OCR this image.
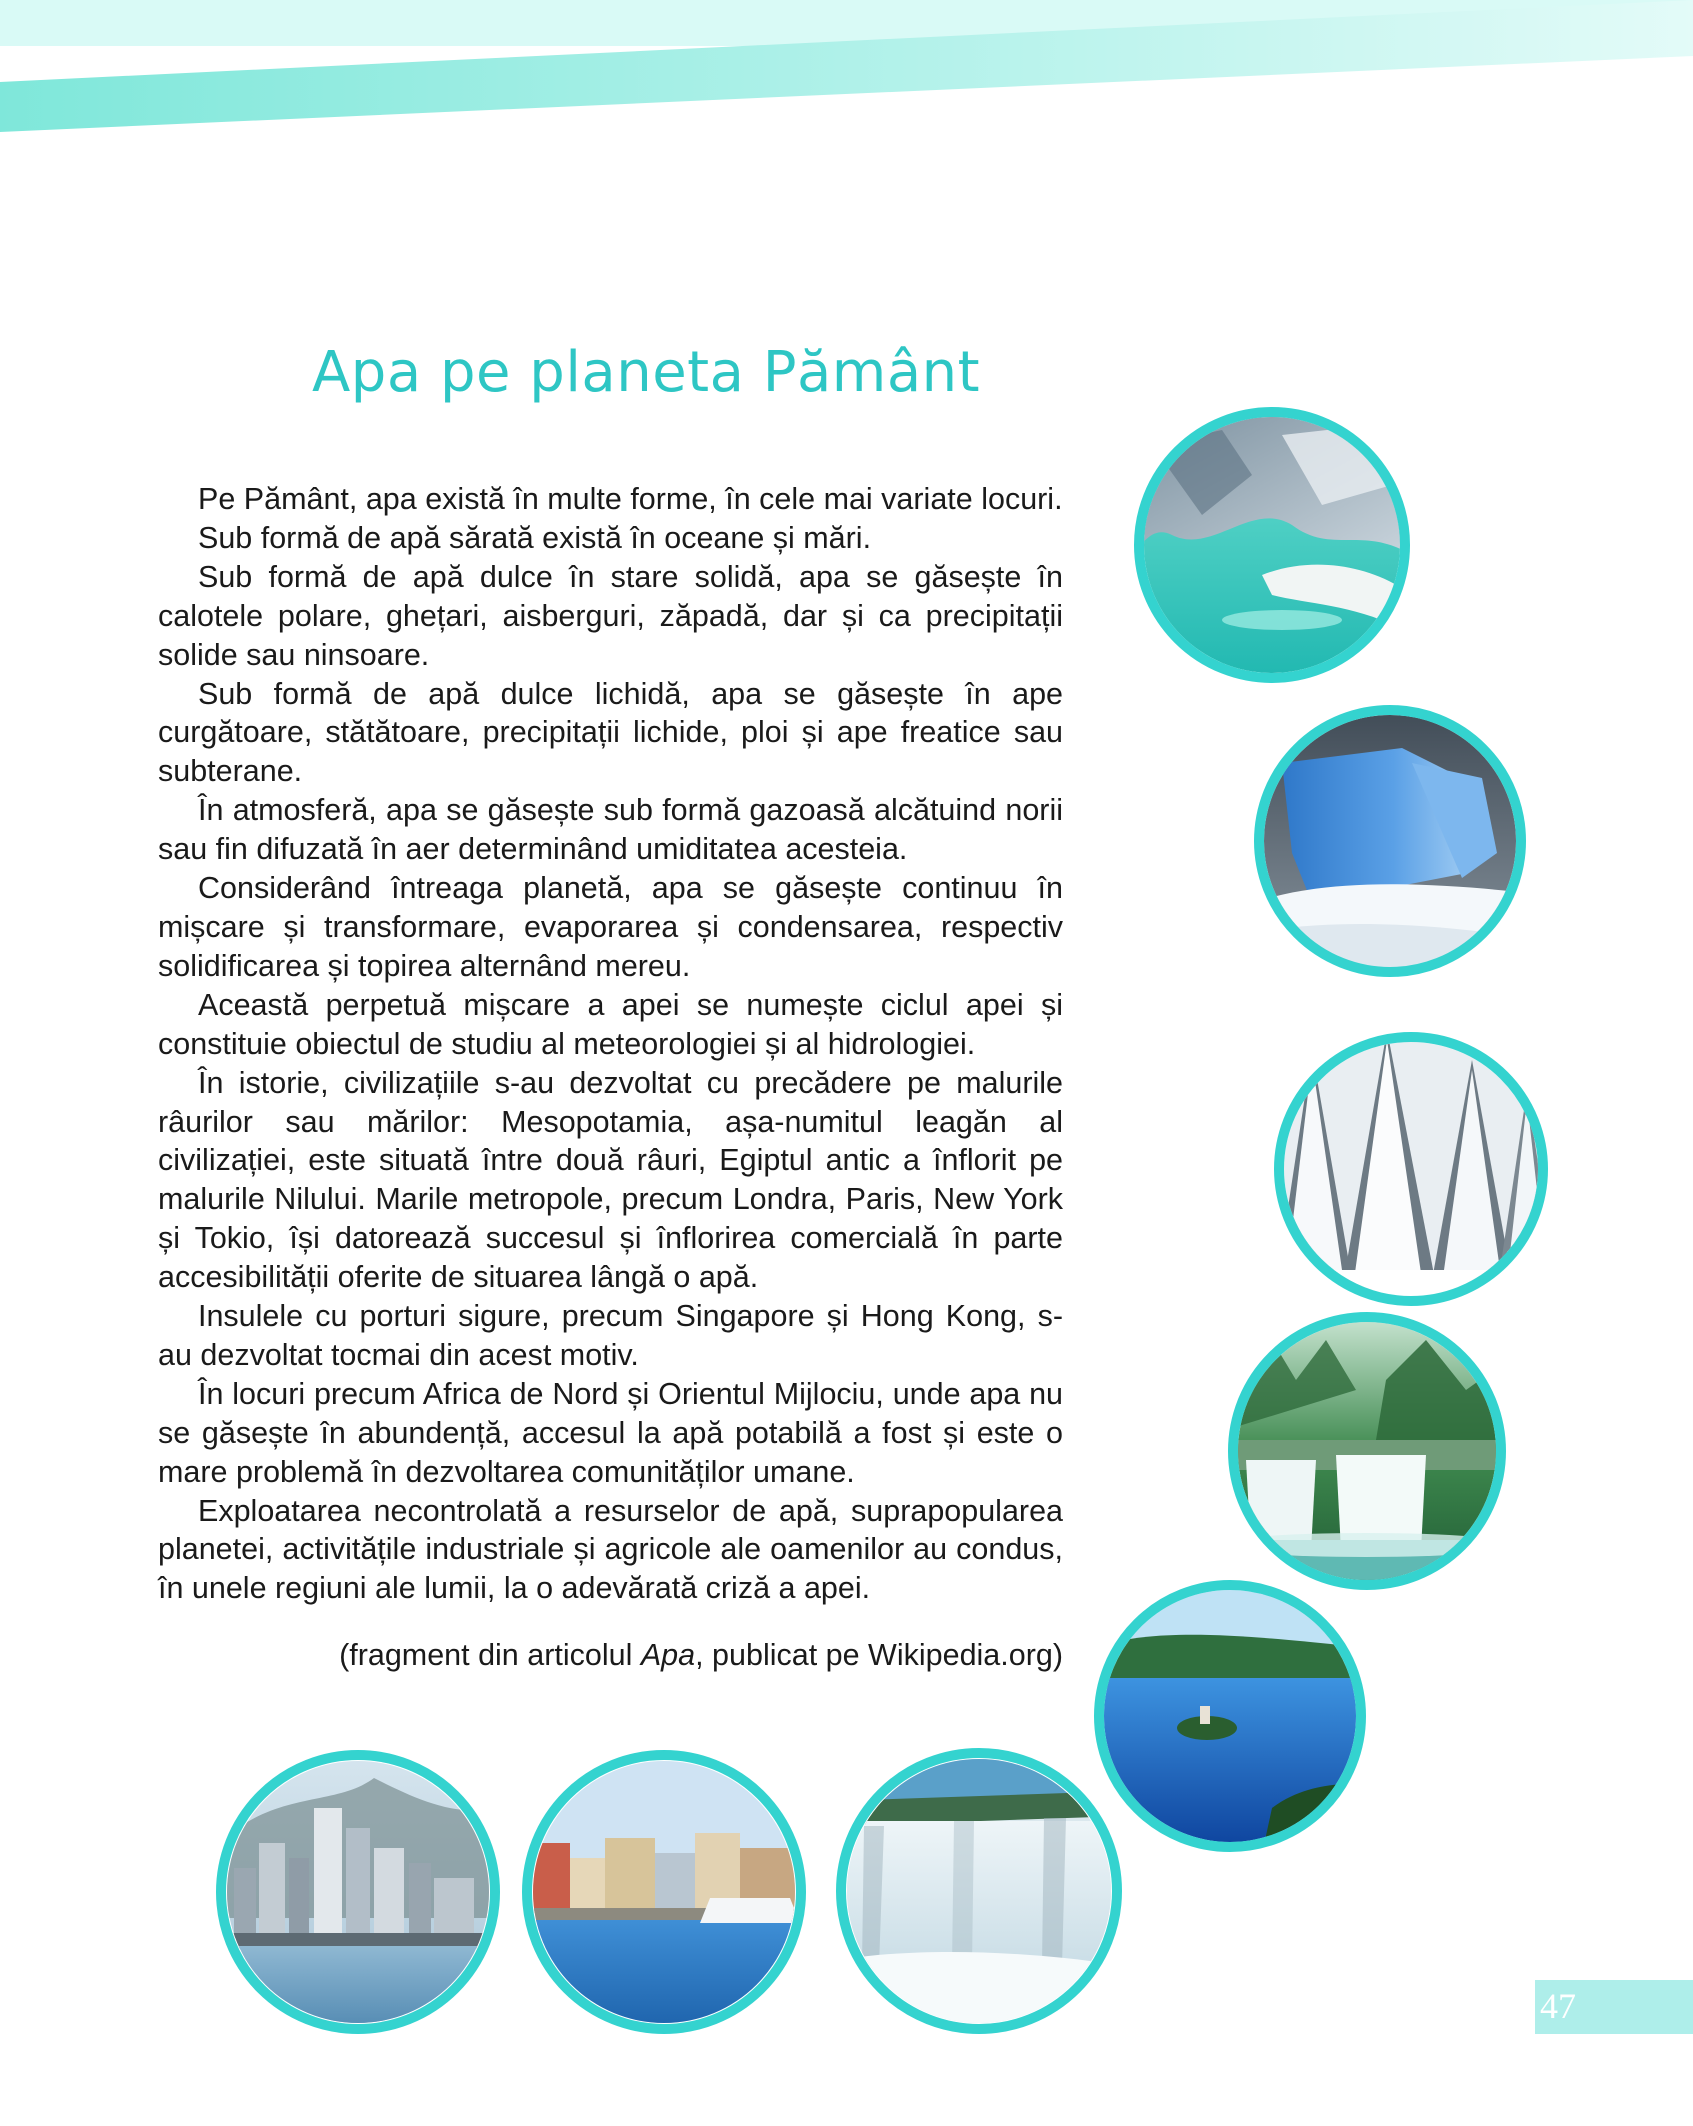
Apa pe planeta Pământ

Pe Pământ, apa există în multe forme, în cele mai variate locuri.

Sub formă de apă sărată există în oceane și mări.

Sub formă de apă dulce în stare solidă, apa se găsește în calotele polare, ghețari, aisberguri, zăpadă, dar și ca precipitații solide sau ninsoare.

Sub formă de apă dulce lichidă, apa se găsește în ape curgătoare, stătătoare, precipitații lichide, ploi și ape freatice sau subterane.

În atmosferă, apa se găsește sub formă gazoasă alcătuind norii sau fin difuzată în aer determinând umiditatea acesteia.

Considerând întreaga planetă, apa se găsește continuu în mișcare și transformare, evaporarea și condensarea, respectiv solidificarea și topirea alternând mereu.

Această perpetuă mișcare a apei se numește ciclul apei și constituie obiectul de studiu al meteorologiei și al hidrologiei.

În istorie, civilizațiile s-au dezvoltat cu precădere pe malurile râurilor sau mărilor: Mesopotamia, așa-numitul leagăn al civilizației, este situată între două râuri, Egiptul antic a înflorit pe malurile Nilului. Marile metropole, precum Londra, Paris, New York și Tokio, își datorează succesul și înflorirea comercială în parte accesibilității oferite de situarea lângă o apă.

Insulele cu porturi sigure, precum Singapore și Hong Kong, s-au dezvoltat tocmai din acest motiv.

În locuri precum Africa de Nord și Orientul Mijlociu, unde apa nu se găsește în abundență, accesul la apă potabilă a fost și este o mare problemă în dezvoltarea comunităților umane.

Exploatarea necontrolată a resurselor de apă, suprapopularea planetei, activitățile industriale și agricole ale oamenilor au condus, în unele regiuni ale lumii, la o adevărată criză a apei.

(fragment din articolul Apa, publicat pe Wikipedia.org)
47
